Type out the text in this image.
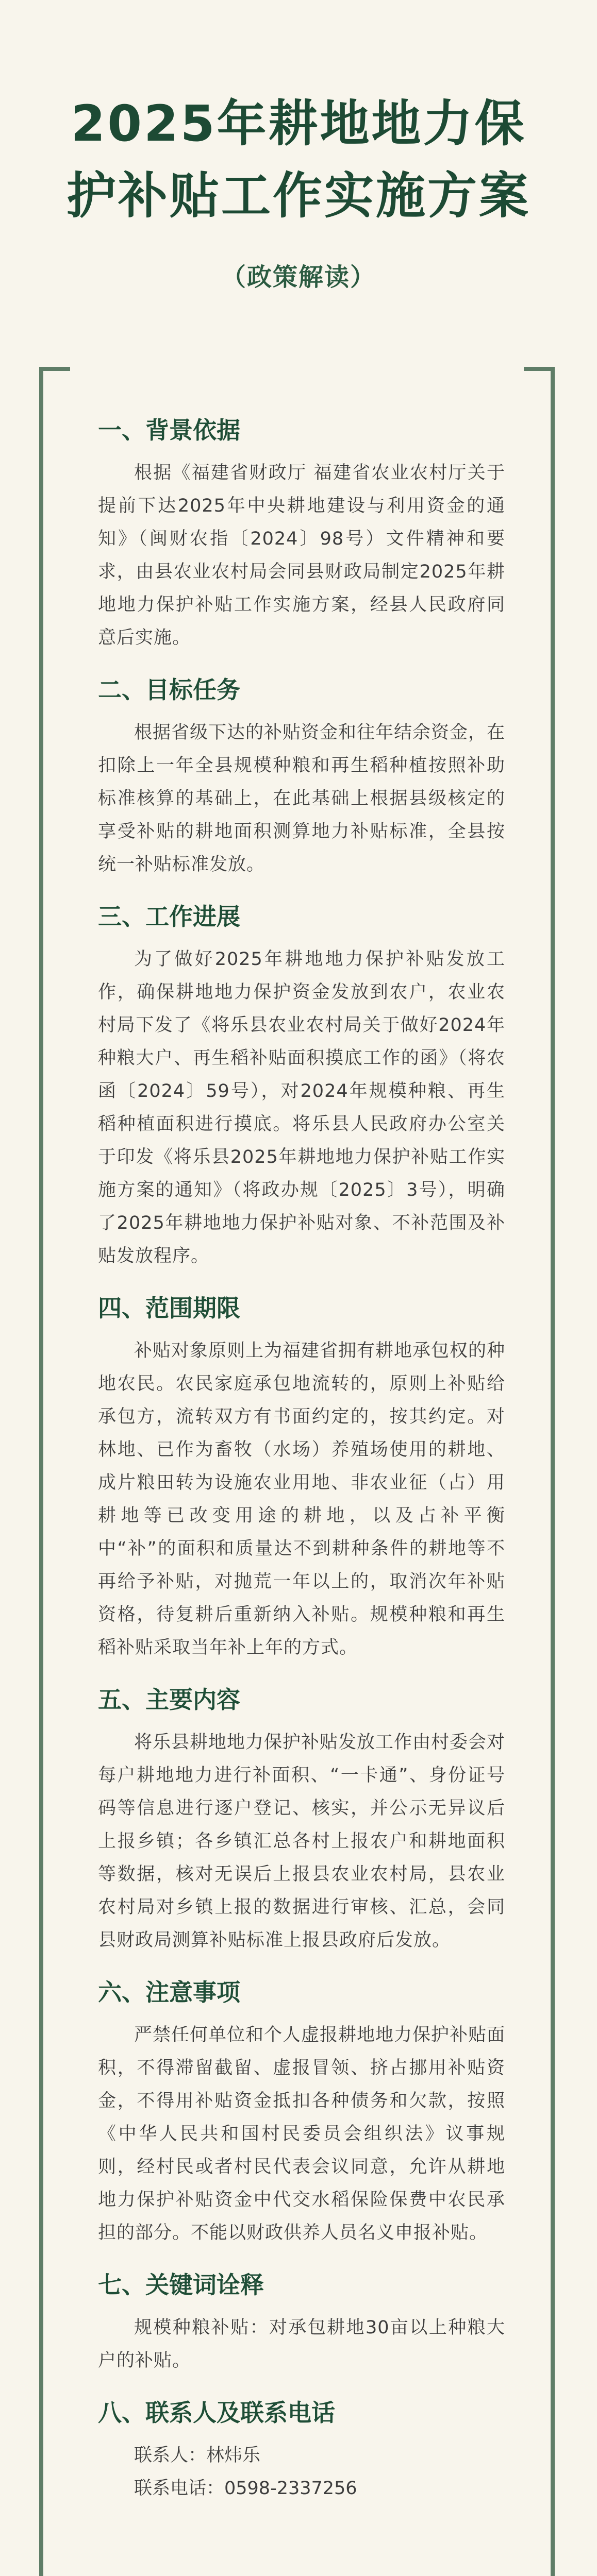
2025年耕地地力保
护补贴工作实施方案
（政策解读）
一、背景依据

根据《福建省财政厅 福建省农业农村厅关于提前下达2025年中央耕地建设与利用资金的通知》（闽财农指〔2024〕98号）文件精神和要求，由县农业农村局会同县财政局制定2025年耕地地力保护补贴工作实施方案，经县人民政府同意后实施。

二、目标任务

根据省级下达的补贴资金和往年结余资金，在扣除上一年全县规模种粮和再生稻种植按照补助标准核算的基础上，在此基础上根据县级核定的享受补贴的耕地面积测算地力补贴标准，全县按统一补贴标准发放。

三、工作进展

为了做好2025年耕地地力保护补贴发放工作，确保耕地地力保护资金发放到农户，农业农村局下发了《将乐县农业农村局关于做好2024年种粮大户、再生稻补贴面积摸底工作的函》（将农函〔2024〕59号），对2024年规模种粮、再生稻种植面积进行摸底。将乐县人民政府办公室关于印发《将乐县2025年耕地地力保护补贴工作实施方案的通知》（将政办规〔2025〕3号），明确了2025年耕地地力保护补贴对象、不补范围及补贴发放程序。

四、范围期限

补贴对象原则上为福建省拥有耕地承包权的种地农民。农民家庭承包地流转的，原则上补贴给承包方，流转双方有书面约定的，按其约定。对林地、已作为畜牧（水场）养殖场使用的耕地、成片粮田转为设施农业用地、非农业征（占）用耕地等已改变用途的耕地，以及占补平衡中“补”的面积和质量达不到耕种条件的耕地等不再给予补贴，对抛荒一年以上的，取消次年补贴资格，待复耕后重新纳入补贴。规模种粮和再生稻补贴采取当年补上年的方式。

五、主要内容

将乐县耕地地力保护补贴发放工作由村委会对每户耕地地力进行补面积、“一卡通”、身份证号码等信息进行逐户登记、核实，并公示无异议后上报乡镇；各乡镇汇总各村上报农户和耕地面积等数据，核对无误后上报县农业农村局，县农业农村局对乡镇上报的数据进行审核、汇总，会同县财政局测算补贴标准上报县政府后发放。

六、注意事项

严禁任何单位和个人虚报耕地地力保护补贴面积，不得滞留截留、虚报冒领、挤占挪用补贴资金，不得用补贴资金抵扣各种债务和欠款，按照《中华人民共和国村民委员会组织法》议事规则，经村民或者村民代表会议同意，允许从耕地地力保护补贴资金中代交水稻保险保费中农民承担的部分。不能以财政供养人员名义申报补贴。

七、关键词诠释

规模种粮补贴：对承包耕地30亩以上种粮大户的补贴。

八、联系人及联系电话

联系人：林炜乐

联系电话：0598-2337256
